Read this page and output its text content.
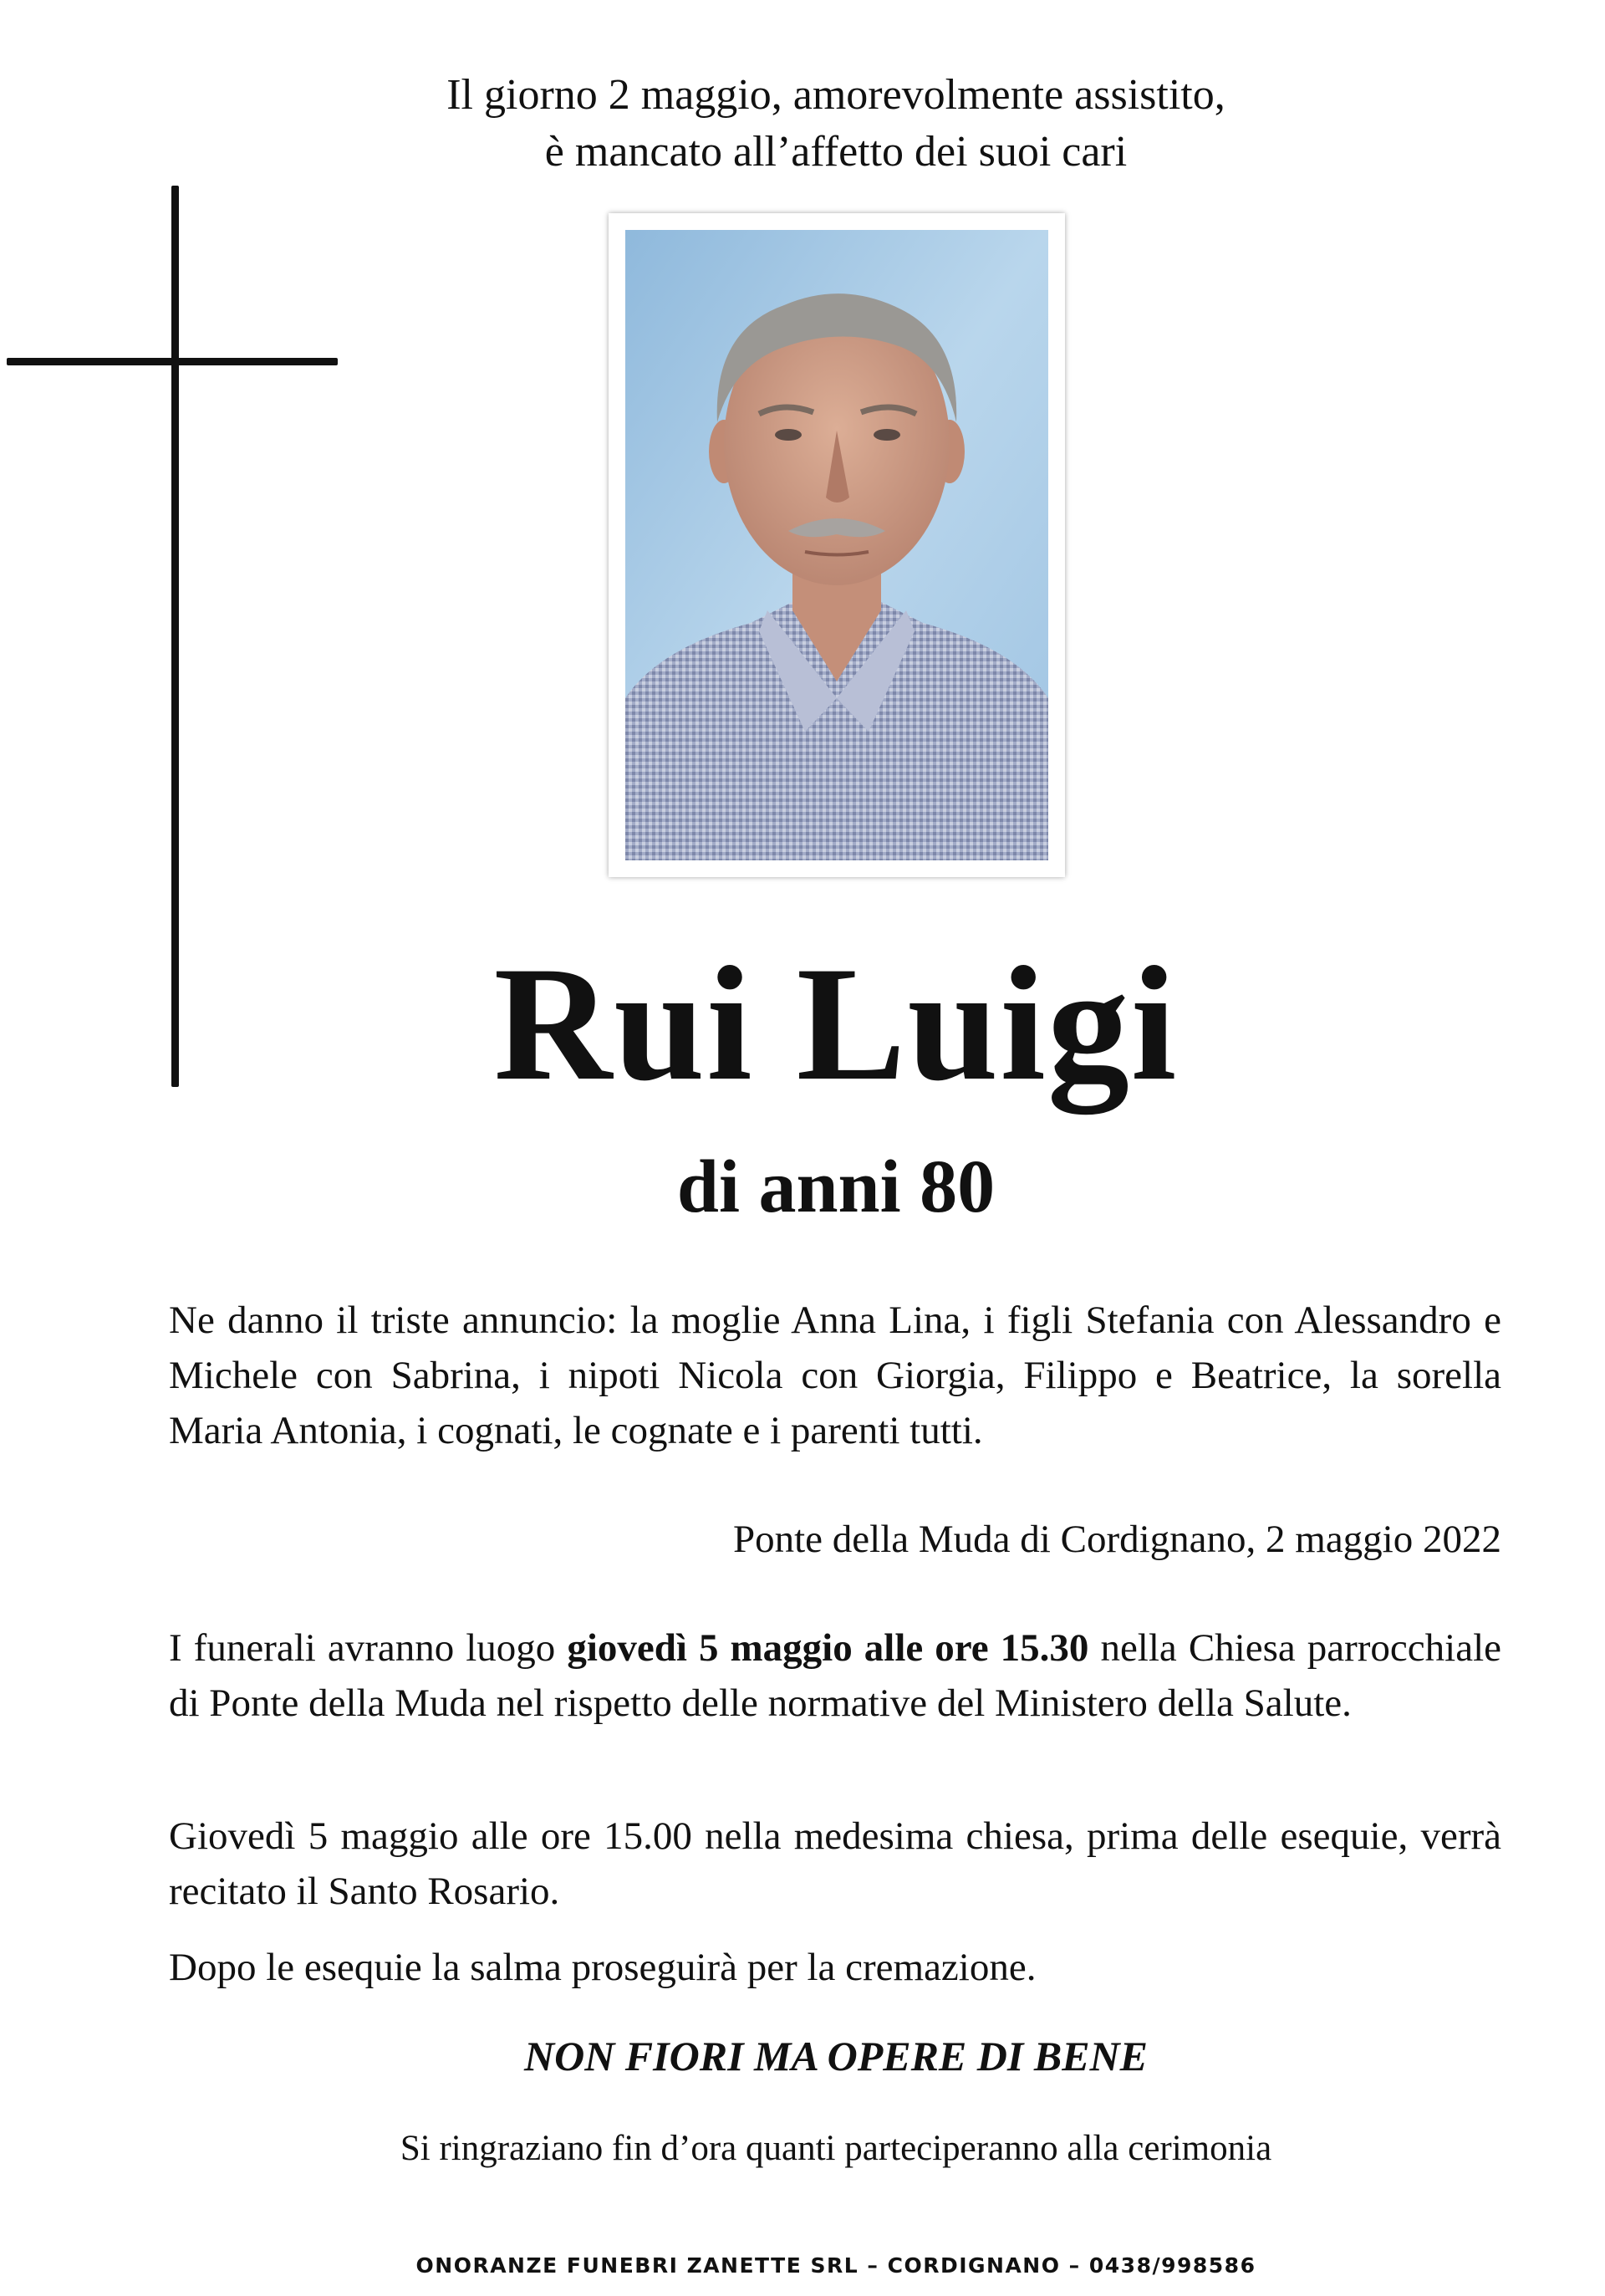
Il giorno 2 maggio, amorevolmente assistito,
è mancato all’affetto dei suoi cari
Rui Luigi
di anni 80
Ne danno il triste annuncio: la moglie Anna Lina, i figli Stefania con Alessandro e Michele con Sabrina, i nipoti Nicola con Giorgia, Filippo e Beatrice, la sorella Maria Antonia, i cognati, le cognate e i parenti tutti.
Ponte della Muda di Cordignano, 2 maggio 2022
I funerali avranno luogo giovedì 5 maggio alle ore 15.30 nella Chiesa parrocchiale di Ponte della Muda nel rispetto delle normative del Ministero della Salute.
Giovedì 5 maggio alle ore 15.00 nella medesima chiesa, prima delle esequie, verrà recitato il Santo Rosario.
Dopo le esequie la salma proseguirà per la cremazione.
NON FIORI MA OPERE DI BENE
Si ringraziano fin d’ora quanti parteciperanno alla cerimonia
ONORANZE FUNEBRI ZANETTE SRL – CORDIGNANO – 0438/998586
